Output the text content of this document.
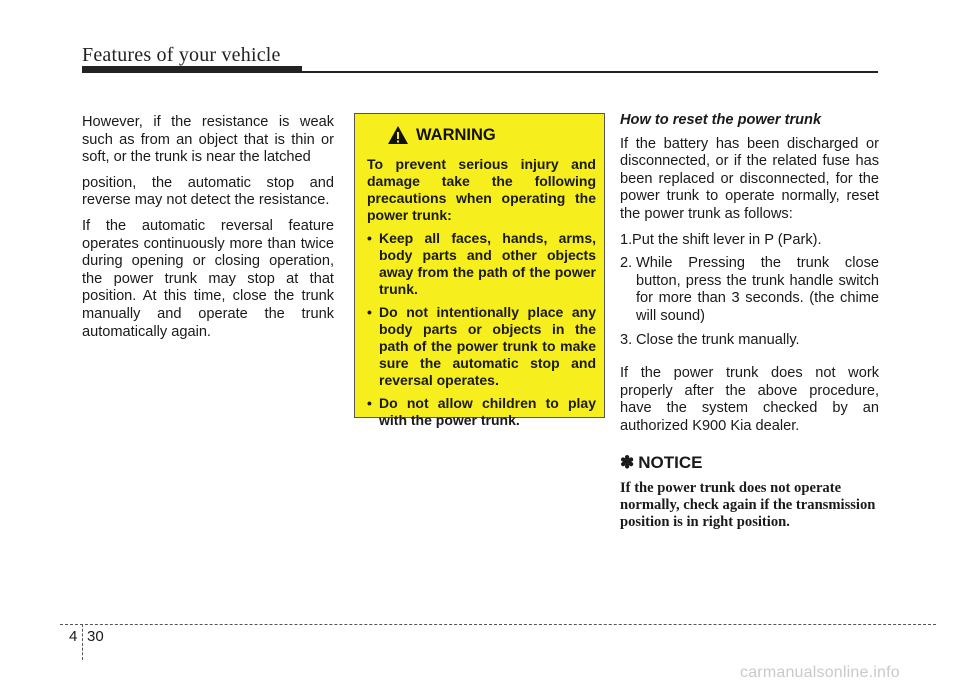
Features of your vehicle

However, if the resistance is weak such as from an object that is thin or soft, or the trunk is near the latched

position, the automatic stop and reverse may not detect the resistance.

If the automatic reversal feature operates continuously more than twice during opening or closing operation, the power trunk may stop at that position. At this time, close the trunk manually and operate the trunk automatically again.

WARNING

To prevent serious injury and damage take the following precautions when operating the power trunk:

• Keep all faces, hands, arms, body parts and other objects away from the path of the power trunk.
• Do not intentionally place any body parts or objects in the path of the power trunk to make sure the automatic stop and reversal operates.
• Do not allow children to play with the power trunk.

How to reset the power trunk

If the battery has been discharged or disconnected, or if the related fuse has been replaced or disconnected, for the power trunk to operate normally, reset the power trunk as follows:

1. Put the shift lever in P (Park).
2. While Pressing the trunk close button, press the trunk handle switch for more than 3 seconds. (the chime will sound)
3. Close the trunk manually.

If the power trunk does not work properly after the above procedure, have the system checked by an authorized K900 Kia dealer.

✽ NOTICE
If the power trunk does not operate normally, check again if the transmission position is in right position.
4 30
carmanualsonline.info
